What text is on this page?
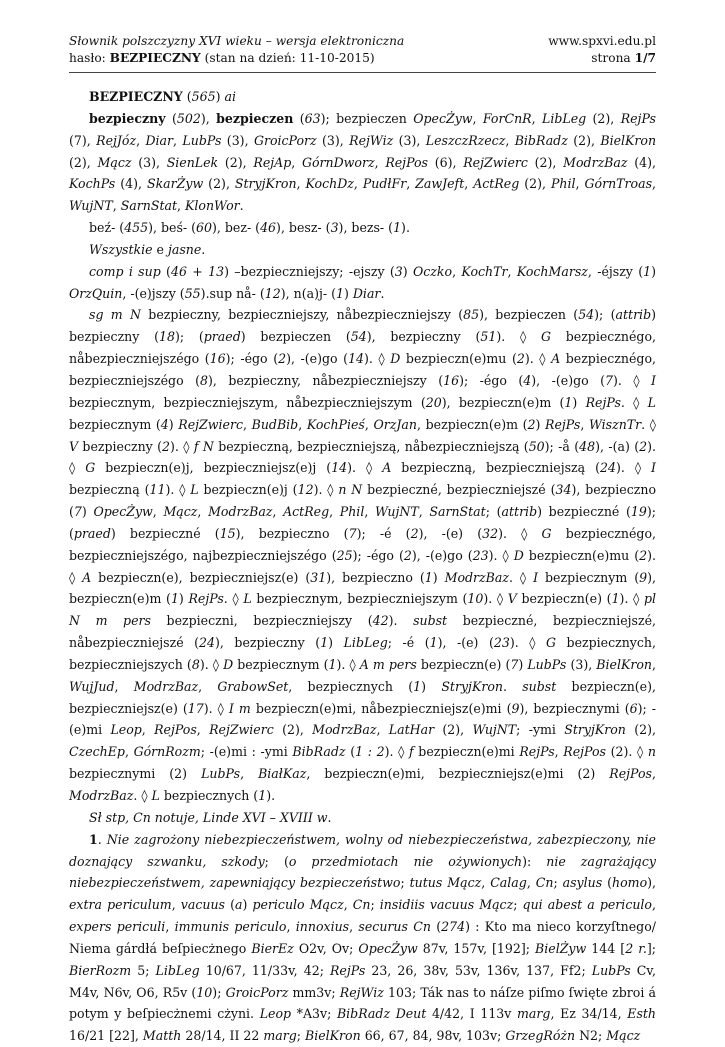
Słownik polszczyzny XVI wieku – wersja elektroniczna
hasło: BEZPIECZNY (stan na dzień: 11-10-2015)
www.spxvi.edu.pl
strona 1/7

BEZPIECZNY (565) ai

bezpieczny (502), bezpieczen (63); bezpieczen OpecŻyw, ForCnR, LibLeg (2), RejPs (7), RejJóz, Diar, LubPs (3), GroicPorz (3), RejWiz (3), LeszczRzecz, BibRadz (2), BielKron (2), Mącz (3), SienLek (2), RejAp, GórnDworz, RejPos (6), RejZwierc (2), ModrzBaz (4), KochPs (4), SkarŻyw (2), StryjKron, KochDz, PudłFr, ZawJeft, ActReg (2), Phil, GórnTroas, WujNT, SarnStat, KlonWor.

beź- (455), beś- (60), bez- (46), besz- (3), bezs- (1).

Wszystkie e jasne.

comp i sup (46 + 13) –bezpieczniejszy; -ejszy (3) Oczko, KochTr, KochMarsz, -éjszy (1) OrzQuin, -(e)jszy (55).sup nå- (12), n(a)j- (1) Diar.

sg m N bezpieczny, bezpieczniejszy, nåbezpieczniejszy (85), bezpieczen (54); (attrib) bezpieczny (18); (praed) bezpieczen (54), bezpieczny (51). ◊ G bezpiecznégo, nåbezpieczniejszégo (16); -égo (2), -(e)go (14). ◊ D bezpieczn(e)mu (2). ◊ A bezpiecznégo, bezpieczniejszégo (8), bezpieczny, nåbezpieczniejszy (16); -égo (4), -(e)go (7). ◊ I bezpiecznym, bezpieczniejszym, nåbezpieczniejszym (20), bezpieczn(e)m (1) RejPs. ◊ L bezpiecznym (4) RejZwierc, BudBib, KochPieś, OrzJan, bezpieczn(e)m (2) RejPs, WisznTr. ◊ V bezpieczny (2). ◊ f N bezpieczną, bezpieczniejszą, nåbezpieczniejszą (50); -å (48), -(a) (2). ◊ G bezpieczn(e)j, bezpieczniejsz(e)j (14). ◊ A bezpieczną, bezpieczniejszą (24). ◊ I bezpieczną (11). ◊ L bezpieczn(e)j (12). ◊ n N bezpieczné, bezpieczniejszé (34), bezpieczno (7) OpecŻyw, Mącz, ModrzBaz, ActReg, Phil, WujNT, SarnStat; (attrib) bezpieczné (19); (praed) bezpieczné (15), bezpieczno (7); -é (2), -(e) (32). ◊ G bezpiecznégo, bezpieczniejszégo, najbezpieczniejszégo (25); -égo (2), -(e)go (23). ◊ D bezpieczn(e)mu (2). ◊ A bezpieczn(e), bezpieczniejsz(e) (31), bezpieczno (1) ModrzBaz. ◊ I bezpiecznym (9), bezpieczn(e)m (1) RejPs. ◊ L bezpiecznym, bezpieczniejszym (10). ◊ V bezpieczn(e) (1). ◊ pl N m pers bezpieczni, bezpieczniejszy (42). subst bezpieczné, bezpieczniejszé, nåbezpieczniejszé (24), bezpieczny (1) LibLeg; -é (1), -(e) (23). ◊ G bezpiecznych, bezpieczniejszych (8). ◊ D bezpiecznym (1). ◊ A m pers bezpieczn(e) (7) LubPs (3), BielKron, WujJud, ModrzBaz, GrabowSet, bezpiecznych (1) StryjKron. subst bezpieczn(e), bezpieczniejsz(e) (17). ◊ I m bezpieczn(e)mi, nåbezpieczniejsz(e)mi (9), bezpiecznymi (6); -(e)mi Leop, RejPos, RejZwierc (2), ModrzBaz, LatHar (2), WujNT; -ymi StryjKron (2), CzechEp, GórnRozm; -(e)mi : -ymi BibRadz (1 : 2). ◊ f bezpieczn(e)mi RejPs, RejPos (2). ◊ n bezpiecznymi (2) LubPs, BiałKaz, bezpieczn(e)mi, bezpieczniejsz(e)mi (2) RejPos, ModrzBaz. ◊ L bezpiecznych (1).

Sł stp, Cn notuje, Linde XVI – XVIII w.

1. Nie zagrożony niebezpieczeństwem, wolny od niebezpieczeństwa, zabezpieczony, nie doznający szwanku, szkody; (o przedmiotach nie ożywionych): nie zagrażający niebezpieczeństwem, zapewniający bezpieczeństwo; tutus Mącz, Calag, Cn; asylus (homo), extra periculum, vacuus (a) periculo Mącz, Cn; insidiis vacuus Mącz; qui abest a periculo, expers periculi, immunis periculo, innoxius, securus Cn (274) : Kto ma nieco korzyſtnego/ Niema gárdłá beſpiecżnego BierEz O2v, Ov; OpecŻyw 87v, 157v, [192]; BielŻyw 144 [2 r.]; BierRozm 5; LibLeg 10/67, 11/33v, 42; RejPs 23, 26, 38v, 53v, 136v, 137, Ff2; LubPs Cv, M4v, N6v, O6, R5v (10); GroicPorz mm3v; RejWiz 103; Ták nas to náſze piſmo ſwięte zbroi á potym y beſpiecżnemi cżyni. Leop *A3v; BibRadz Deut 4/42, I 113v marg, Ez 34/14, Esth 16/21 [22], Matth 28/14, II 22 marg; BielKron 66, 67, 84, 98v, 103v; GrzegRóżn N2; Mącz
